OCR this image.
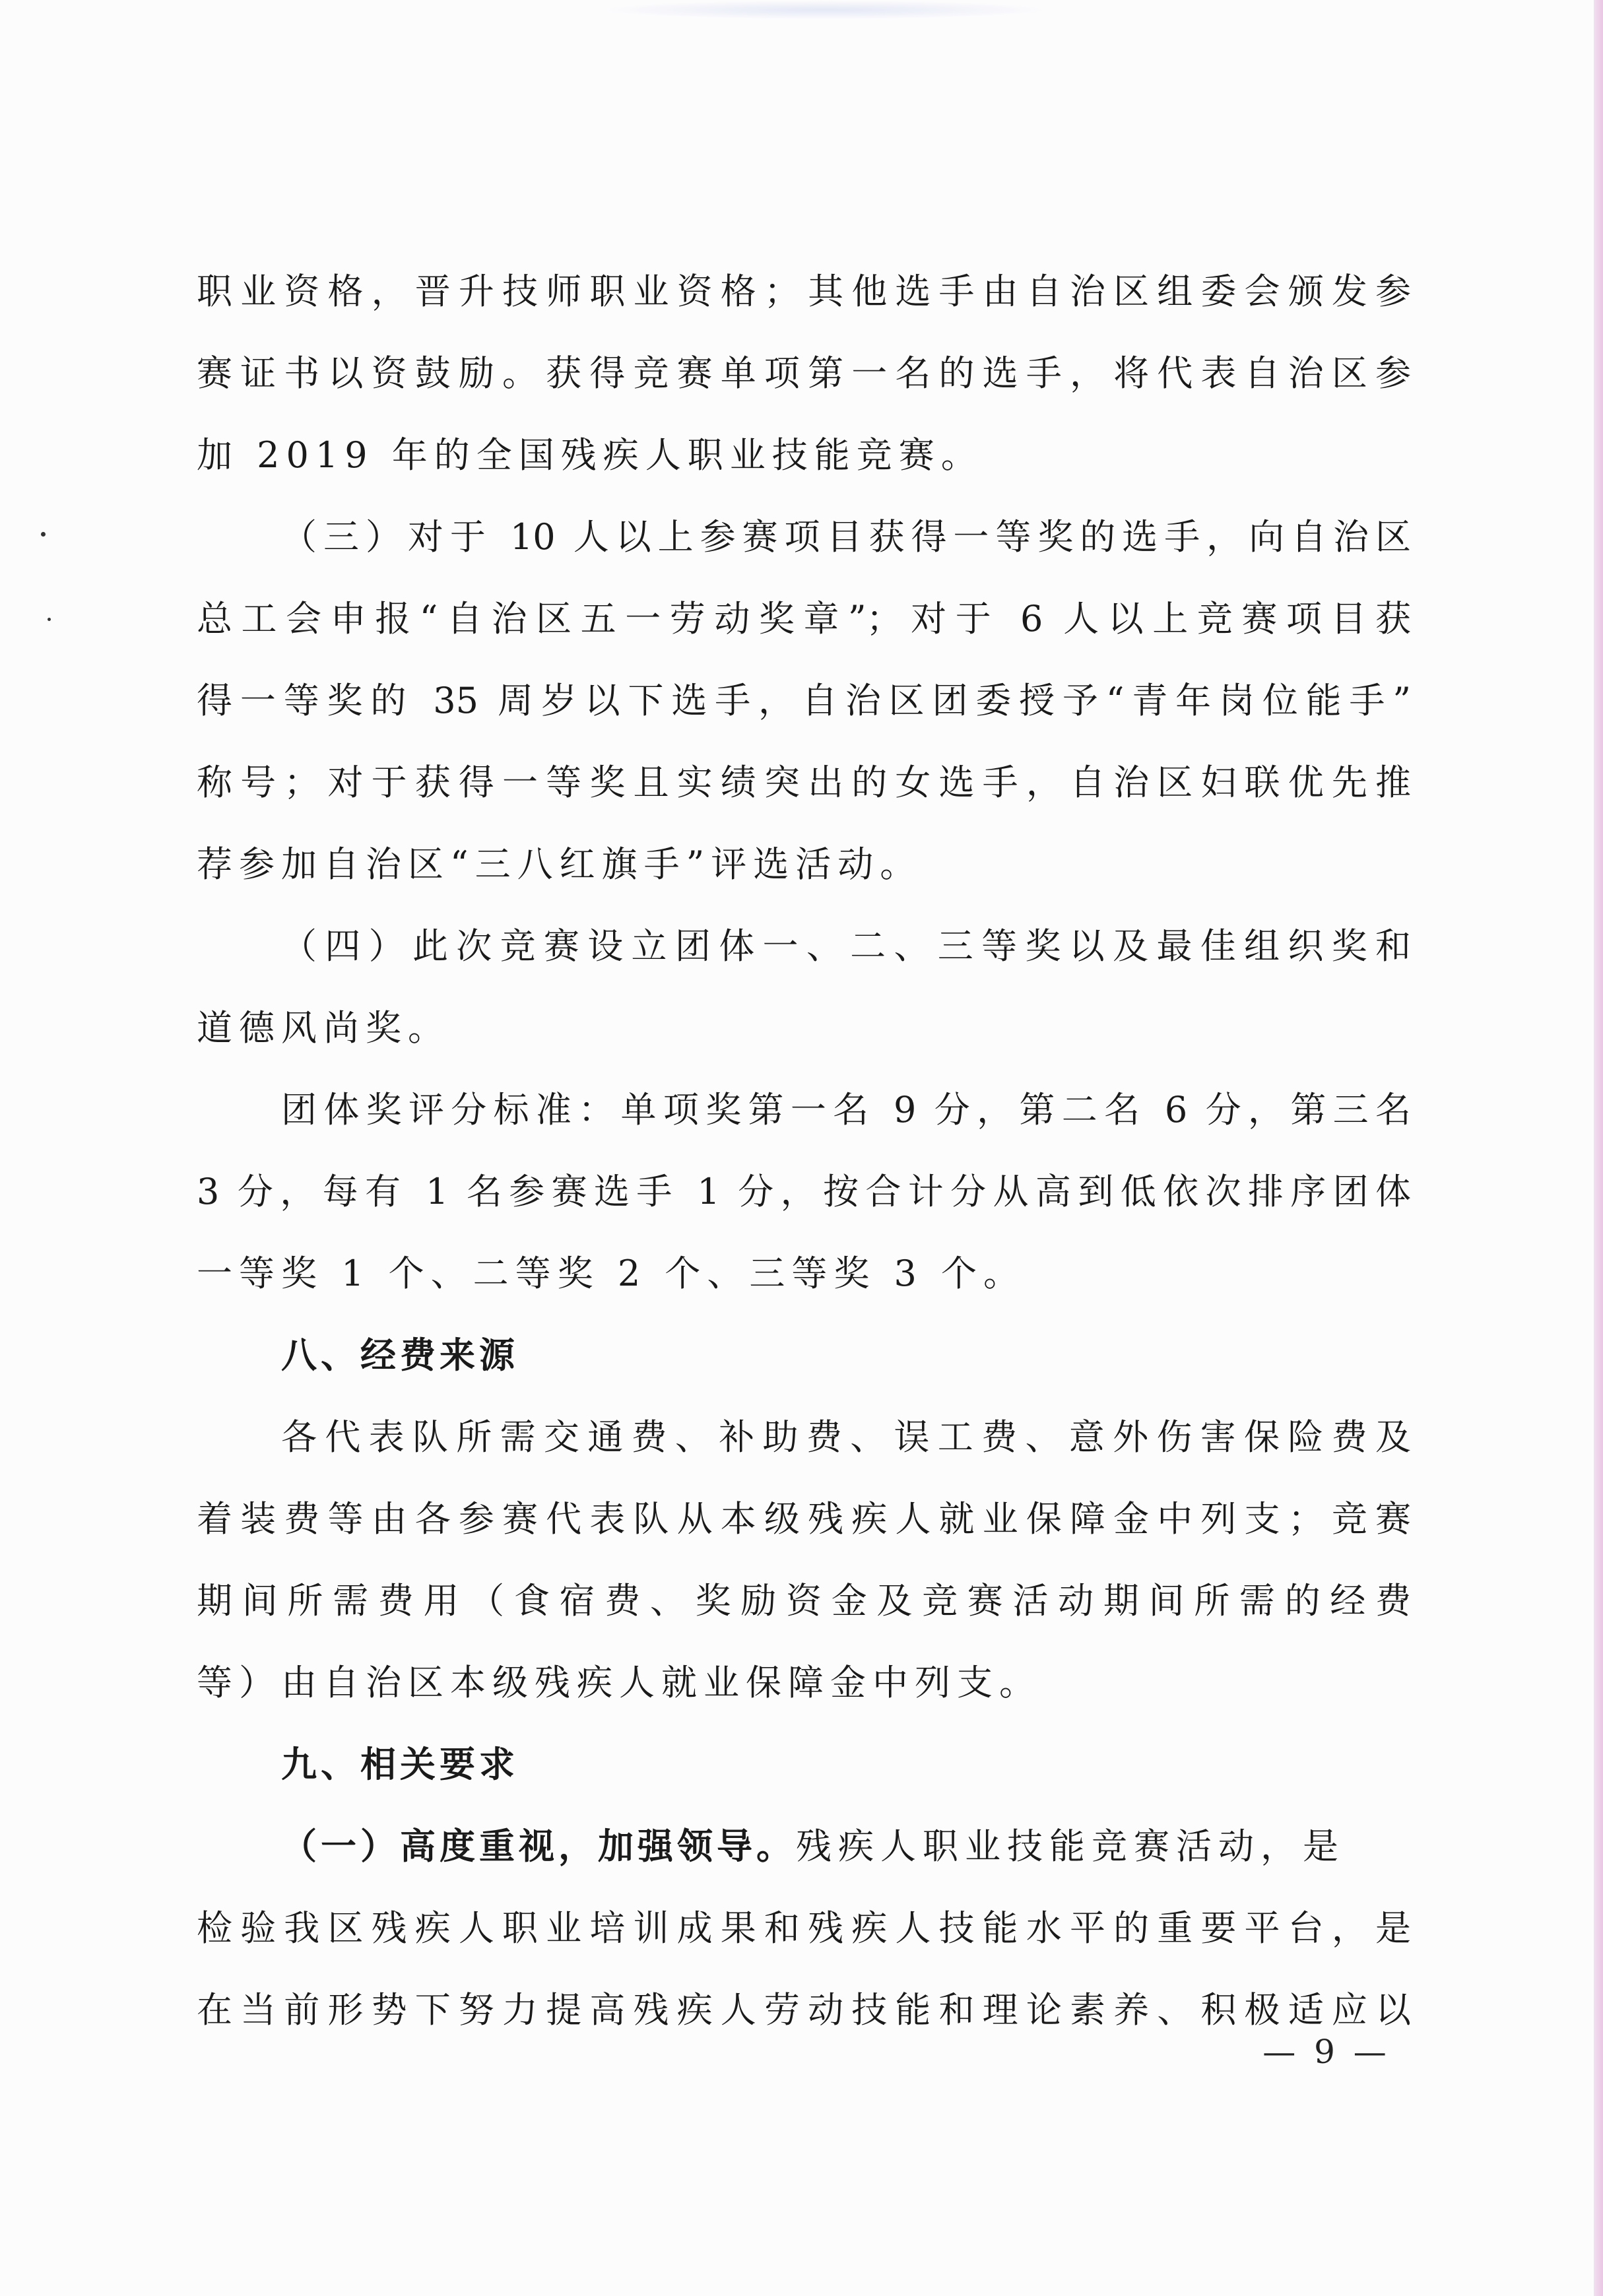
职业资格，晋升技师职业资格；其他选手由自治区组委会颁发参
赛证书以资鼓励。获得竞赛单项第一名的选手，将代表自治区参
加 2019 年的全国残疾人职业技能竞赛。
（三）对于 10 人以上参赛项目获得一等奖的选手，向自治区
总工会申报“自治区五一劳动奖章”；对于 6 人以上竞赛项目获
得一等奖的 35 周岁以下选手，自治区团委授予“青年岗位能手”
称号；对于获得一等奖且实绩突出的女选手，自治区妇联优先推
荐参加自治区“三八红旗手”评选活动。
（四）此次竞赛设立团体一、二、三等奖以及最佳组织奖和
道德风尚奖。
团体奖评分标准：单项奖第一名 9 分，第二名 6 分，第三名
3 分，每有 1 名参赛选手 1 分，按合计分从高到低依次排序团体
一等奖 1 个、二等奖 2 个、三等奖 3 个。
八、经费来源
各代表队所需交通费、补助费、误工费、意外伤害保险费及
着装费等由各参赛代表队从本级残疾人就业保障金中列支；竞赛
期间所需费用（食宿费、奖励资金及竞赛活动期间所需的经费
等）由自治区本级残疾人就业保障金中列支。
九、相关要求
（一）高度重视，加强领导。残疾人职业技能竞赛活动，是
检验我区残疾人职业培训成果和残疾人技能水平的重要平台，是
在当前形势下努力提高残疾人劳动技能和理论素养、积极适应以
— 9 —
